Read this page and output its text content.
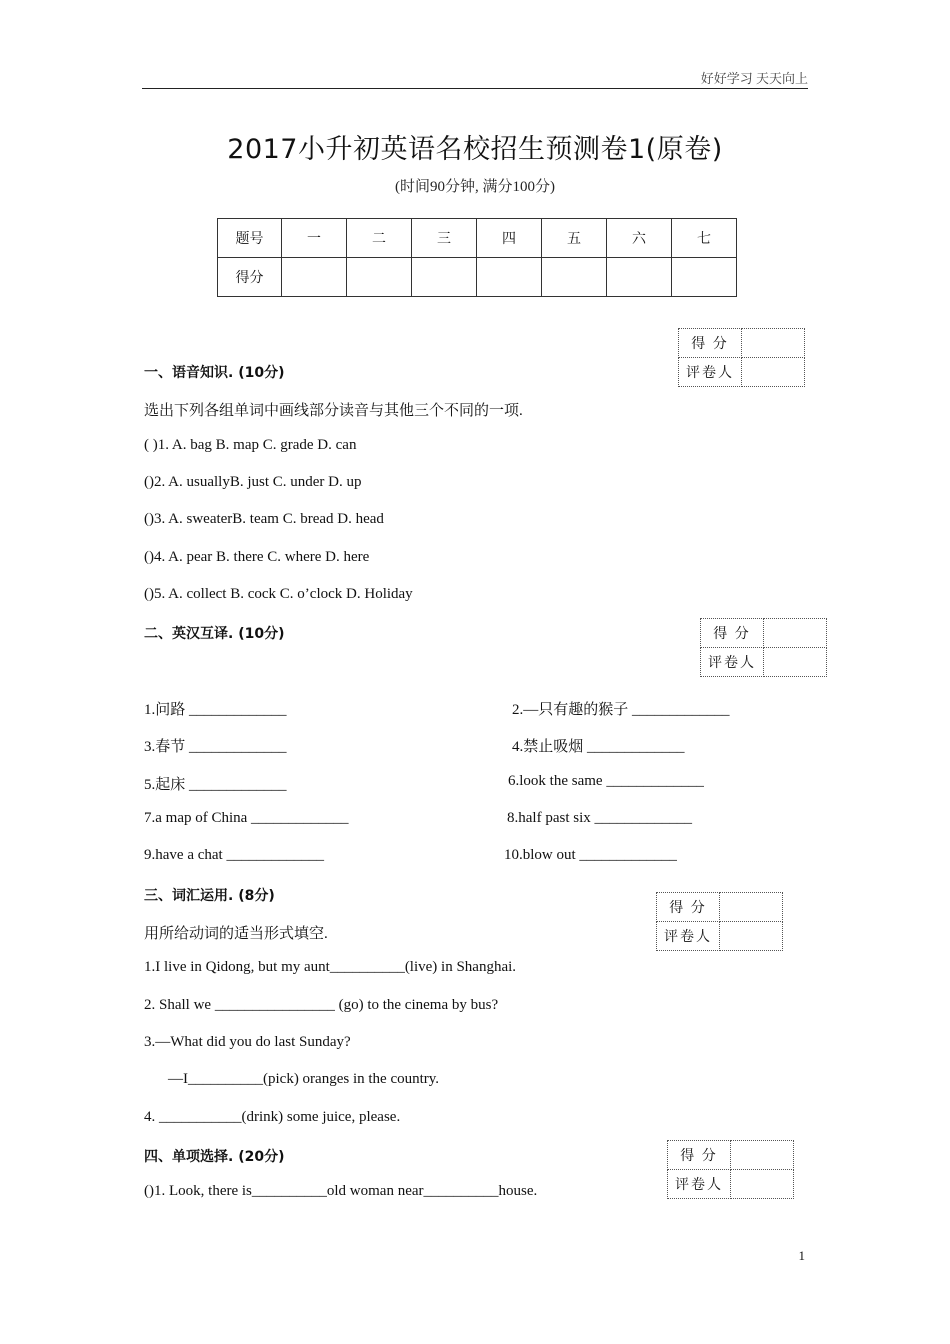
好好学习 天天向上
2017小升初英语名校招生预测卷1(原卷)
(时间90分钟, 满分100分)
题号	一	二	三	四	五	六	七
得分							
得 分	
评卷人	
得 分	
评卷人	
得 分	
评卷人	
得 分	
评卷人	
一、语音知识. (10分)
选出下列各组单词中画线部分读音与其他三个不同的一项.
( )1. A. bag B. map C. grade D. can
()2. A. usuallyB. just C. under D. up
()3. A. sweaterB. team C. bread D. head
()4. A. pear B. there C. where D. here
()5. A. collect B. cock C. o’clock D. Holiday
二、英汉互译. (10分)
1.问路 _____________	2.—只有趣的猴子 _____________
3.春节 _____________	4.禁止吸烟 _____________
5.起床 _____________	6.look the same _____________
7.a map of China _____________	8.half past six _____________
9.have a chat _____________	10.blow out _____________
三、词汇运用. (8分)
用所给动词的适当形式填空.
1.I live in Qidong, but my aunt__________(live) in Shanghai.
2. Shall we ________________ (go) to the cinema by bus?
3.—What did you do last Sunday?
—I__________(pick) oranges in the country.
4. ___________(drink) some juice, please.
四、单项选择. (20分)
()1. Look, there is__________old woman near__________house.
1
